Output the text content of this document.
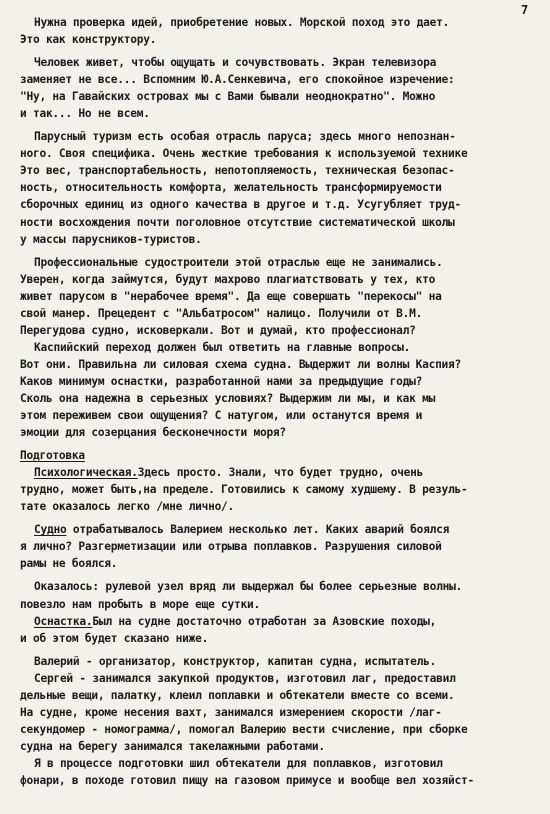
7
Нужна проверка идей, приобретение новых. Морской поход это дает.
Это как конструктору.
Человек живет, чтобы ощущать и сочувствовать. Экран телевизора
заменяет не все... Вспомним Ю.А.Сенкевича, его спокойное изречение:
"Ну, на Гавайских островах мы с Вами бывали неоднократно". Можно
и так... Но не всем.
Парусный туризм есть особая отрасль паруса; здесь много непознан-
ного. Своя специфика. Очень жесткие требования к используемой технике
Это вес, транспортабельность, непотопляемость, техническая безопас-
ность, относительность комфорта, желательность трансформируемости
сборочных единиц из одного качества в другое и т.д. Усугубляет труд-
ности восхождения почти поголовное отсутствие систематической школы
у массы парусников-туристов.
Профессиональные судостроители этой отраслью еще не занимались.
Уверен, когда займутся, будут махрово плагиатствовать у тех, кто
живет парусом в "нерабочее время". Да еще совершать "перекосы" на
свой манер. Прецедент с "Альбатросом" налицо. Получили от В.М.
Перегудова судно, исковеркали. Вот и думай, кто профессионал?
Каспийский переход должен был ответить на главные вопросы.
Вот они. Правильна ли силовая схема судна. Выдержит ли волны Каспия?
Каков минимум оснастки, разработанной нами за предыдущие годы?
Сколь она надежна в серьезных условиях? Выдержим ли мы, и как мы
этом переживем свои ощущения? С натугом, или останутся время и
эмоции для созерцания бесконечности моря?
Подготовка
Психологическая.Здесь просто. Знали, что будет трудно, очень
трудно, может быть,на пределе. Готовились к самому худшему. В резуль-
тате оказалось легко /мне лично/.
Судно отрабатывалось Валерием несколько лет. Каких аварий боялся
я лично? Разгерметизации или отрыва поплавков. Разрушения силовой
рамы не боялся.
Оказалось: рулевой узел вряд ли выдержал бы более серьезные волны.
повезло нам пробыть в море еще сутки.
Оснастка.Был на судне достаточно отработан за Азовские походы,
и об этом будет сказано ниже.
Валерий - организатор, конструктор, капитан судна, испытатель.
Сергей - занимался закупкой продуктов, изготовил лаг, предоставил
дельные вещи, палатку, клеил поплавки и обтекатели вместе со всеми.
На судне, кроме несения вахт, занимался измерением скорости /лаг-
секундомер - номограмма/, помогал Валерию вести счисление, при сборке
судна на берегу занимался такелажными работами.
Я в процессе подготовки шил обтекатели для поплавков, изготовил
фонари, в походе готовил пищу на газовом примусе и вообще вел хозяйст-
